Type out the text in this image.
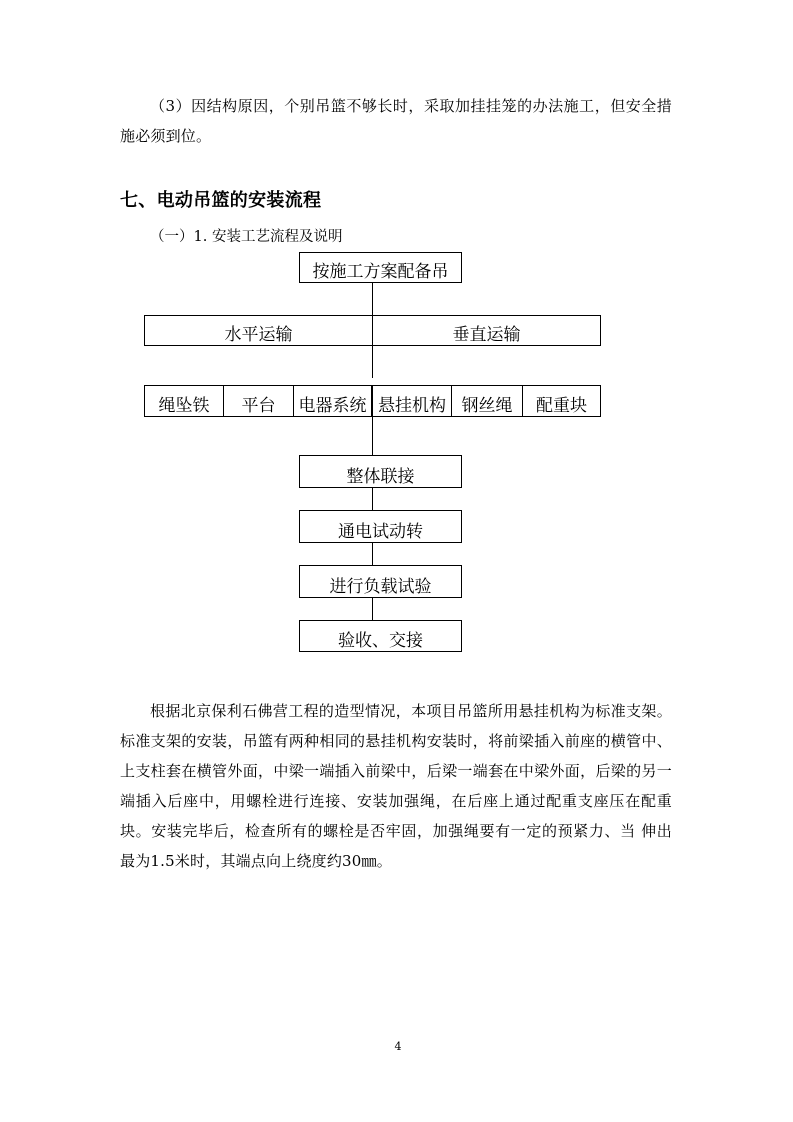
（3）因结构原因，个别吊篮不够长时，采取加挂挂笼的办法施工，但安全措施必须到位。

七、电动吊篮的安装流程
（一）1. 安装工艺流程及说明
按施工方案配备吊
水平运输	垂直运输
绳坠铁 平台 电器系统 悬挂机构 钢丝绳 配重块
整体联接
通电试动转
进行负载试验
验收、交接

根据北京保利石佛营工程的造型情况，本项目吊篮所用悬挂机构为标准支架。 标准支架的安装，吊篮有两种相同的悬挂机构安装时，将前梁插入前座的横管中、上支柱套在横管外面，中梁一端插入前梁中，后梁一端套在中梁外面，后梁的另一端插入后座中，用螺栓进行连接、安装加强绳，在后座上通过配重支座压在配重块。安装完毕后，检查所有的螺栓是否牢固，加强绳要有一定的预紧力、当 伸出最为1.5米时，其端点向上绕度约30㎜。

4
